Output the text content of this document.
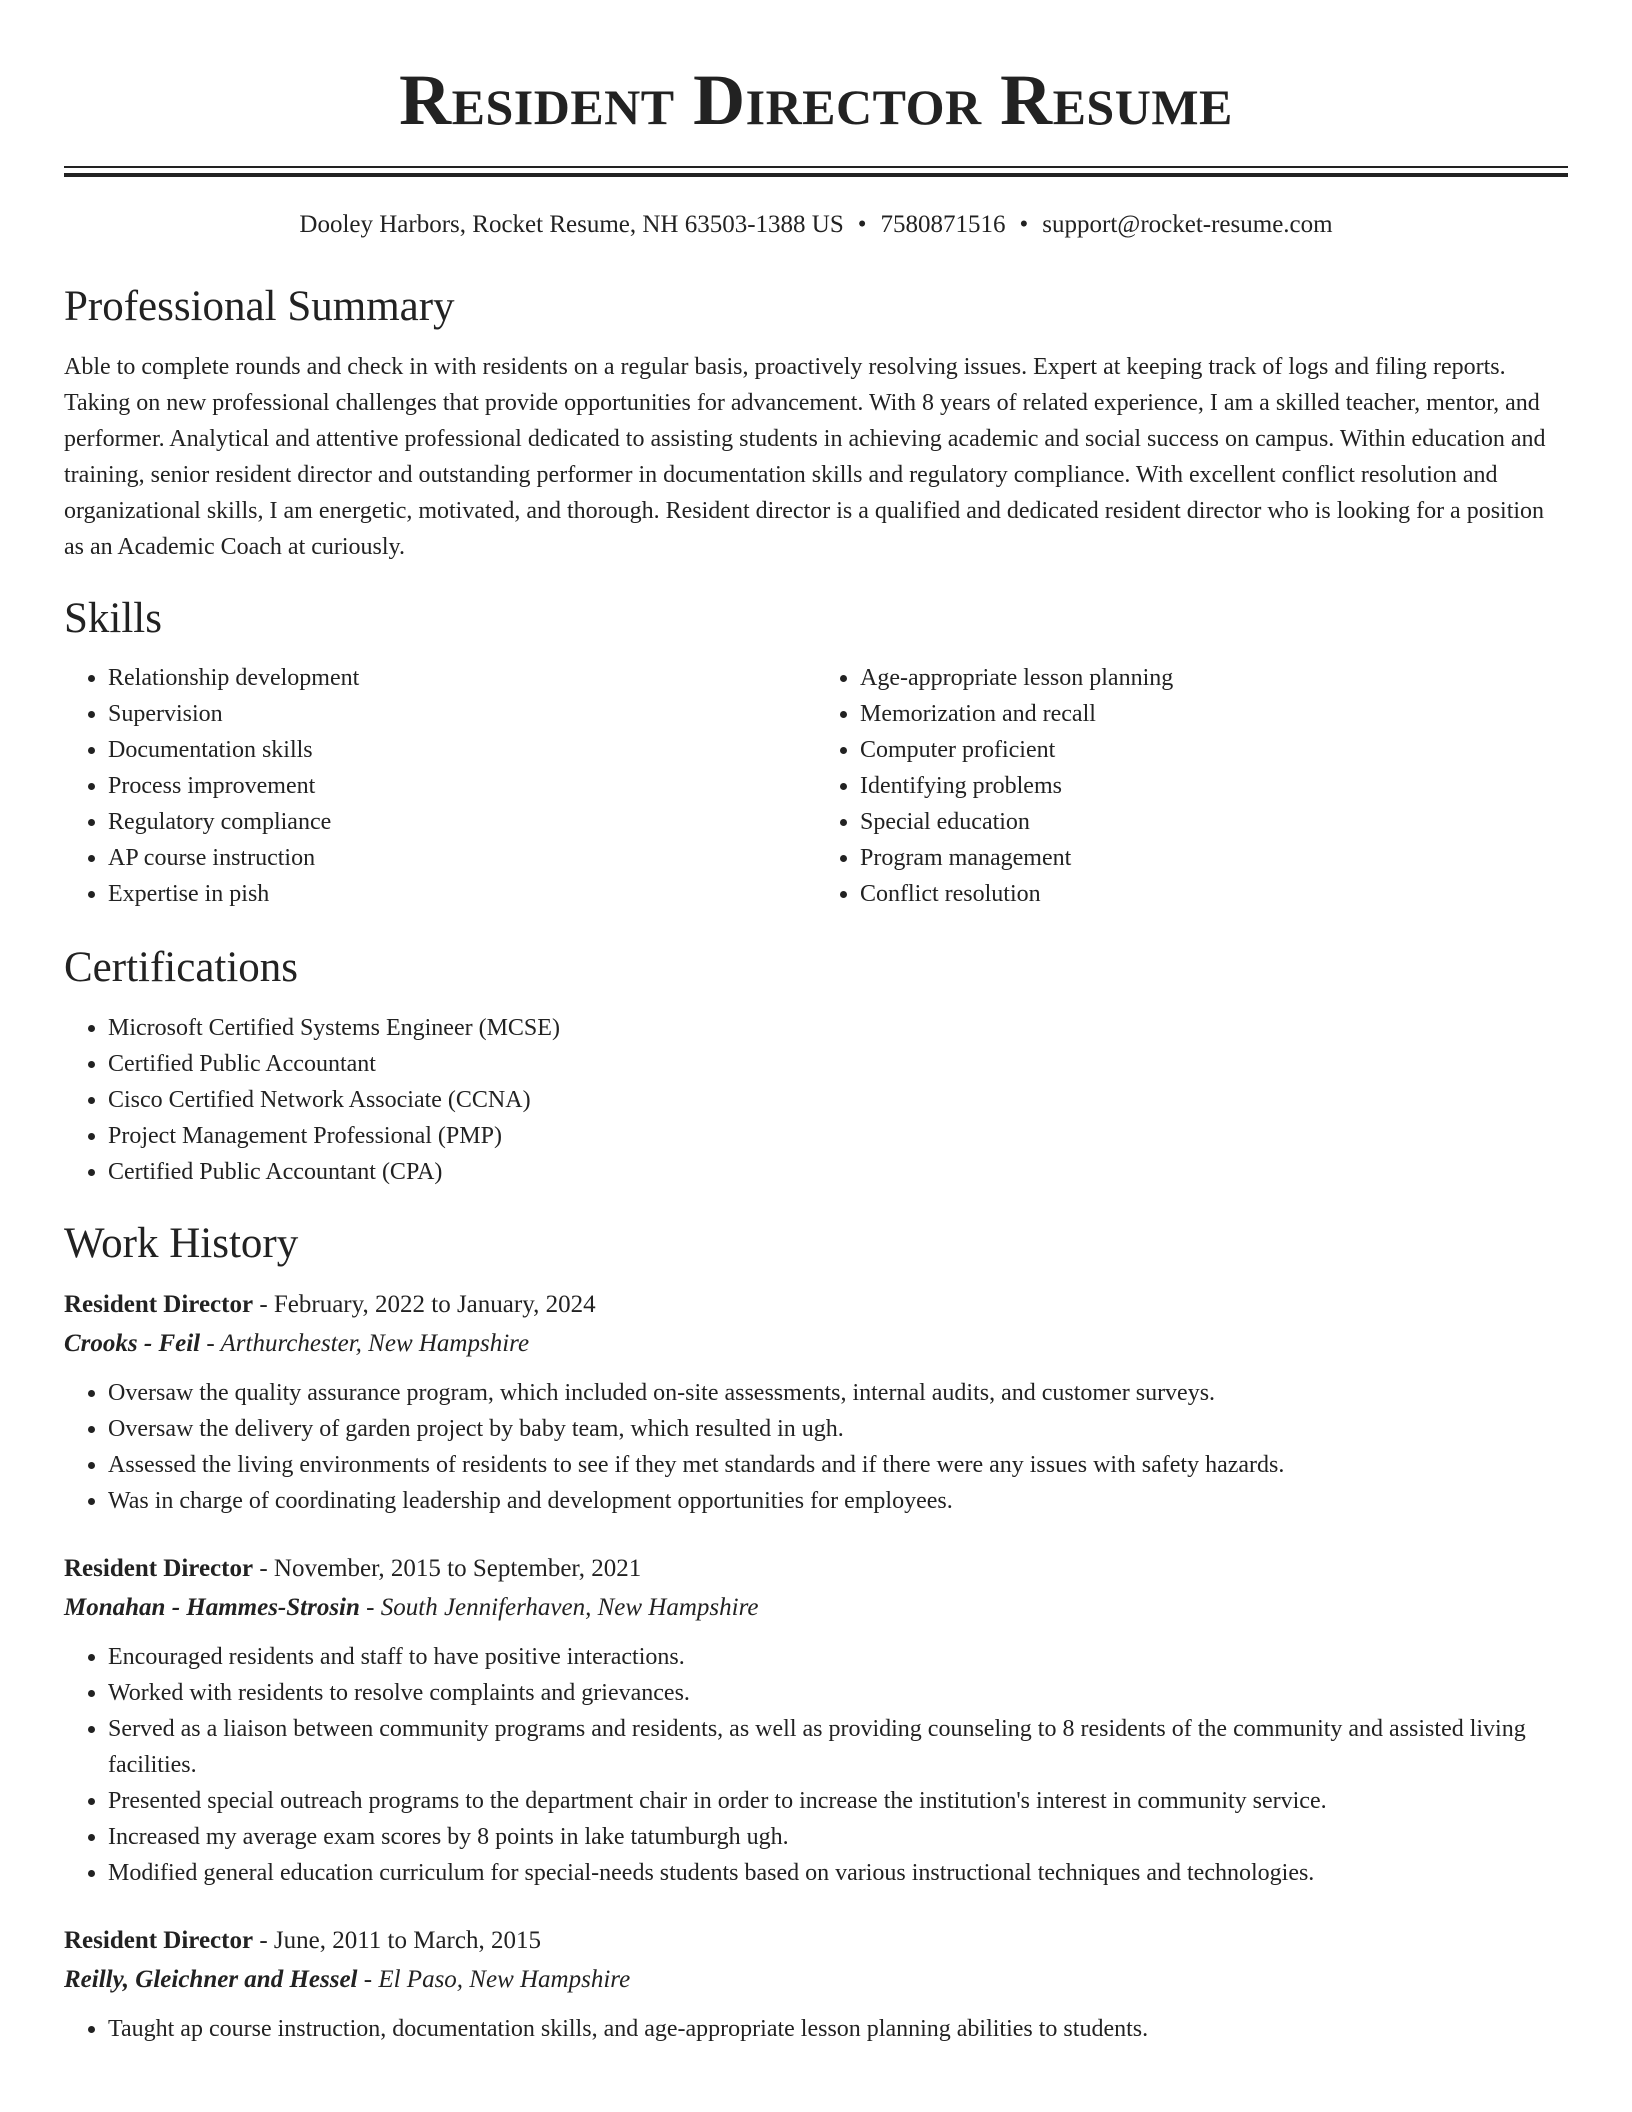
Resident Director Resume
Dooley Harbors, Rocket Resume, NH 63503-1388 US • 7580871516 • support@rocket-resume.com
Professional Summary

Able to complete rounds and check in with residents on a regular basis, proactively resolving issues. Expert at keeping track of logs and filing reports. Taking on new professional challenges that provide opportunities for advancement. With 8 years of related experience, I am a skilled teacher, mentor, and performer. Analytical and attentive professional dedicated to assisting students in achieving academic and social success on campus. Within education and training, senior resident director and outstanding performer in documentation skills and regulatory compliance. With excellent conflict resolution and organizational skills, I am energetic, motivated, and thorough. Resident director is a qualified and dedicated resident director who is looking for a position as an Academic Coach at curiously.

Skills
• Relationship development
• Supervision
• Documentation skills
• Process improvement
• Regulatory compliance
• AP course instruction
• Expertise in pish
• Age-appropriate lesson planning
• Memorization and recall
• Computer proficient
• Identifying problems
• Special education
• Program management
• Conflict resolution
Certifications
• Microsoft Certified Systems Engineer (MCSE)
• Certified Public Accountant
• Cisco Certified Network Associate (CCNA)
• Project Management Professional (PMP)
• Certified Public Accountant (CPA)
Work History
Resident Director - February, 2022 to January, 2024
Crooks - Feil - Arthurchester, New Hampshire
• Oversaw the quality assurance program, which included on-site assessments, internal audits, and customer surveys.
• Oversaw the delivery of garden project by baby team, which resulted in ugh.
• Assessed the living environments of residents to see if they met standards and if there were any issues with safety hazards.
• Was in charge of coordinating leadership and development opportunities for employees.
Resident Director - November, 2015 to September, 2021
Monahan - Hammes-Strosin - South Jenniferhaven, New Hampshire
• Encouraged residents and staff to have positive interactions.
• Worked with residents to resolve complaints and grievances.
• Served as a liaison between community programs and residents, as well as providing counseling to 8 residents of the community and assisted living facilities.
• Presented special outreach programs to the department chair in order to increase the institution's interest in community service.
• Increased my average exam scores by 8 points in lake tatumburgh ugh.
• Modified general education curriculum for special-needs students based on various instructional techniques and technologies.
Resident Director - June, 2011 to March, 2015
Reilly, Gleichner and Hessel - El Paso, New Hampshire
• Taught ap course instruction, documentation skills, and age-appropriate lesson planning abilities to students.
